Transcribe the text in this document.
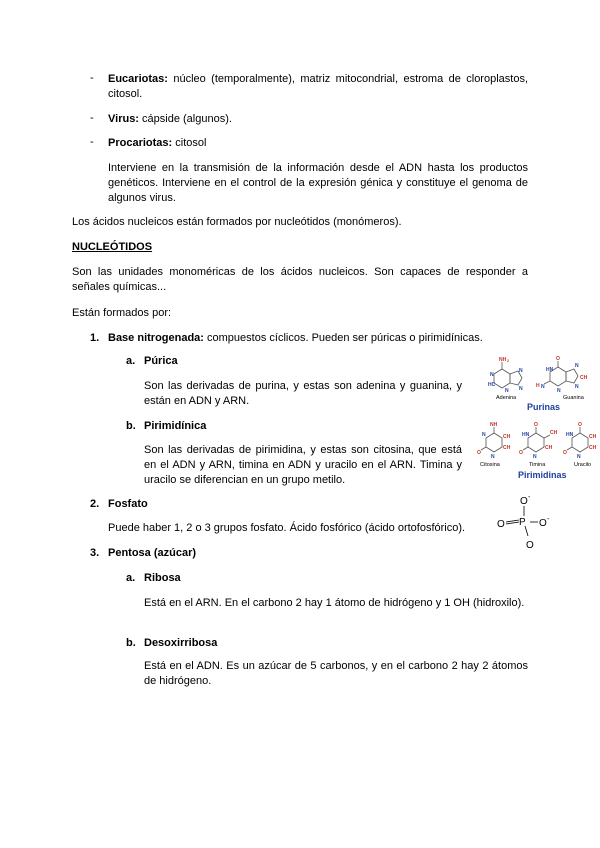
- Eucariotas: núcleo (temporalmente), matriz mitocondrial, estroma de cloroplastos, citosol.
- Virus: cápside (algunos).
- Procariotas: citosol
Interviene en la transmisión de la información desde el ADN hasta los productos genéticos. Interviene en el control de la expresión génica y constituye el genoma de algunos virus.
Los ácidos nucleicos están formados por nucleótidos (monómeros).
NUCLEÓTIDOS
Son las unidades monoméricas de los ácidos nucleicos. Son capaces de responder a señales químicas...
Están formados por:
1. Base nitrogenada: compuestos cíclicos. Pueden ser púricas o pirimidínicas.
a. Púrica
Son las derivadas de purina, y estas son adenina y guanina, y están en ADN y ARN.
b. Pirimidínica
Son las derivadas de pirimidina, y estas son citosina, que está en el ADN y ARN, timina en ADN y uracilo en el ARN. Timina y uracilo se diferencian en un grupo metilo.
2. Fosfato
Puede haber 1, 2 o 3 grupos fosfato. Ácido fosfórico (ácido ortofosfórico).
3. Pentosa (azúcar)
a. Ribosa
Está en el ARN. En el carbono 2 hay 1 átomo de hidrógeno y 1 OH (hidroxilo).
b. Desoxirribosa
Está en el ADN. Es un azúcar de 5 carbonos, y en el carbono 2 hay 2 átomos de hidrógeno.
NH 2
N
HC
N
N
N
O
HN
H N
N
CH
N
N
Adenina	Guanina
Purinas
NH
N	CH
CH
O
N
O
HN	CH
CH
O
N
O
HN	CH
CH
O
N
Citosina	Timina	Uracilo
Pirimidinas
O
P
O	O
O
-
-
